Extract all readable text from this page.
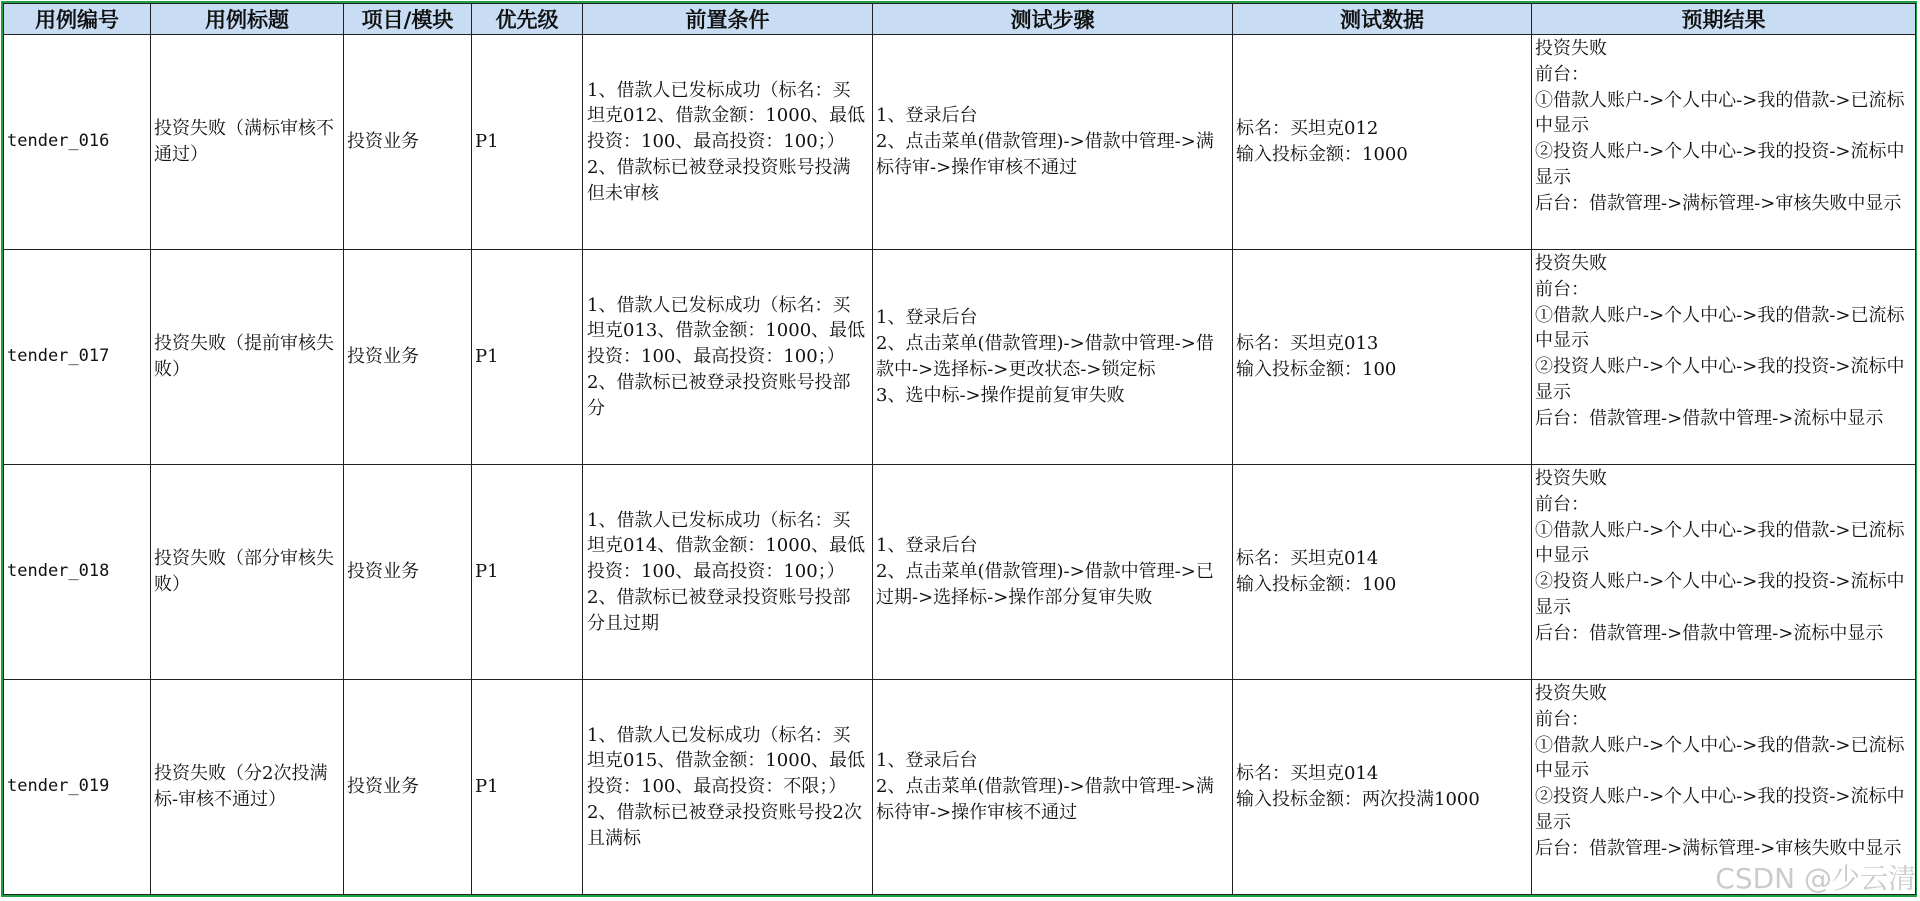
用例编号	用例标题	项目/模块	优先级	前置条件	测试步骤	测试数据	预期结果
tender_016	投资失败（满标审核不通过）	投资业务	P1	1、借款人已发标成功（标名：买坦克012、借款金额：1000、最低投资：100、最高投资：100；）
2、借款标已被登录投资账号投满但未审核	1、登录后台
2、点击菜单(借款管理)->借款中管理->满标待审->操作审核不通过	标名：买坦克012
输入投标金额：1000	投资失败
前台：
①借款人账户->个人中心->我的借款->已流标中显示
②投资人账户->个人中心->我的投资->流标中显示
后台：借款管理->满标管理->审核失败中显示

tender_017	投资失败（提前审核失败）	投资业务	P1	1、借款人已发标成功（标名：买坦克013、借款金额：1000、最低投资：100、最高投资：100；）
2、借款标已被登录投资账号投部分	1、登录后台
2、点击菜单(借款管理)->借款中管理->借款中->选择标->更改状态->锁定标
3、选中标->操作提前复审失败	标名：买坦克013
输入投标金额：100	投资失败
前台：
①借款人账户->个人中心->我的借款->已流标中显示
②投资人账户->个人中心->我的投资->流标中显示
后台：借款管理->借款中管理->流标中显示

tender_018	投资失败（部分审核失败）	投资业务	P1	1、借款人已发标成功（标名：买坦克014、借款金额：1000、最低投资：100、最高投资：100；）
2、借款标已被登录投资账号投部分且过期	1、登录后台
2、点击菜单(借款管理)->借款中管理->已过期->选择标->操作部分复审失败	标名：买坦克014
输入投标金额：100	投资失败
前台：
①借款人账户->个人中心->我的借款->已流标中显示
②投资人账户->个人中心->我的投资->流标中显示
后台：借款管理->借款中管理->流标中显示

tender_019	投资失败（分2次投满标-审核不通过）	投资业务	P1	1、借款人已发标成功（标名：买坦克015、借款金额：1000、最低投资：100、最高投资：不限；）
2、借款标已被登录投资账号投2次且满标	1、登录后台
2、点击菜单(借款管理)->借款中管理->满标待审->操作审核不通过	标名：买坦克014
输入投标金额：两次投满1000	投资失败
前台：
①借款人账户->个人中心->我的借款->已流标中显示
②投资人账户->个人中心->我的投资->流标中显示
后台：借款管理->满标管理->审核失败中显示
CSDN @少云清
